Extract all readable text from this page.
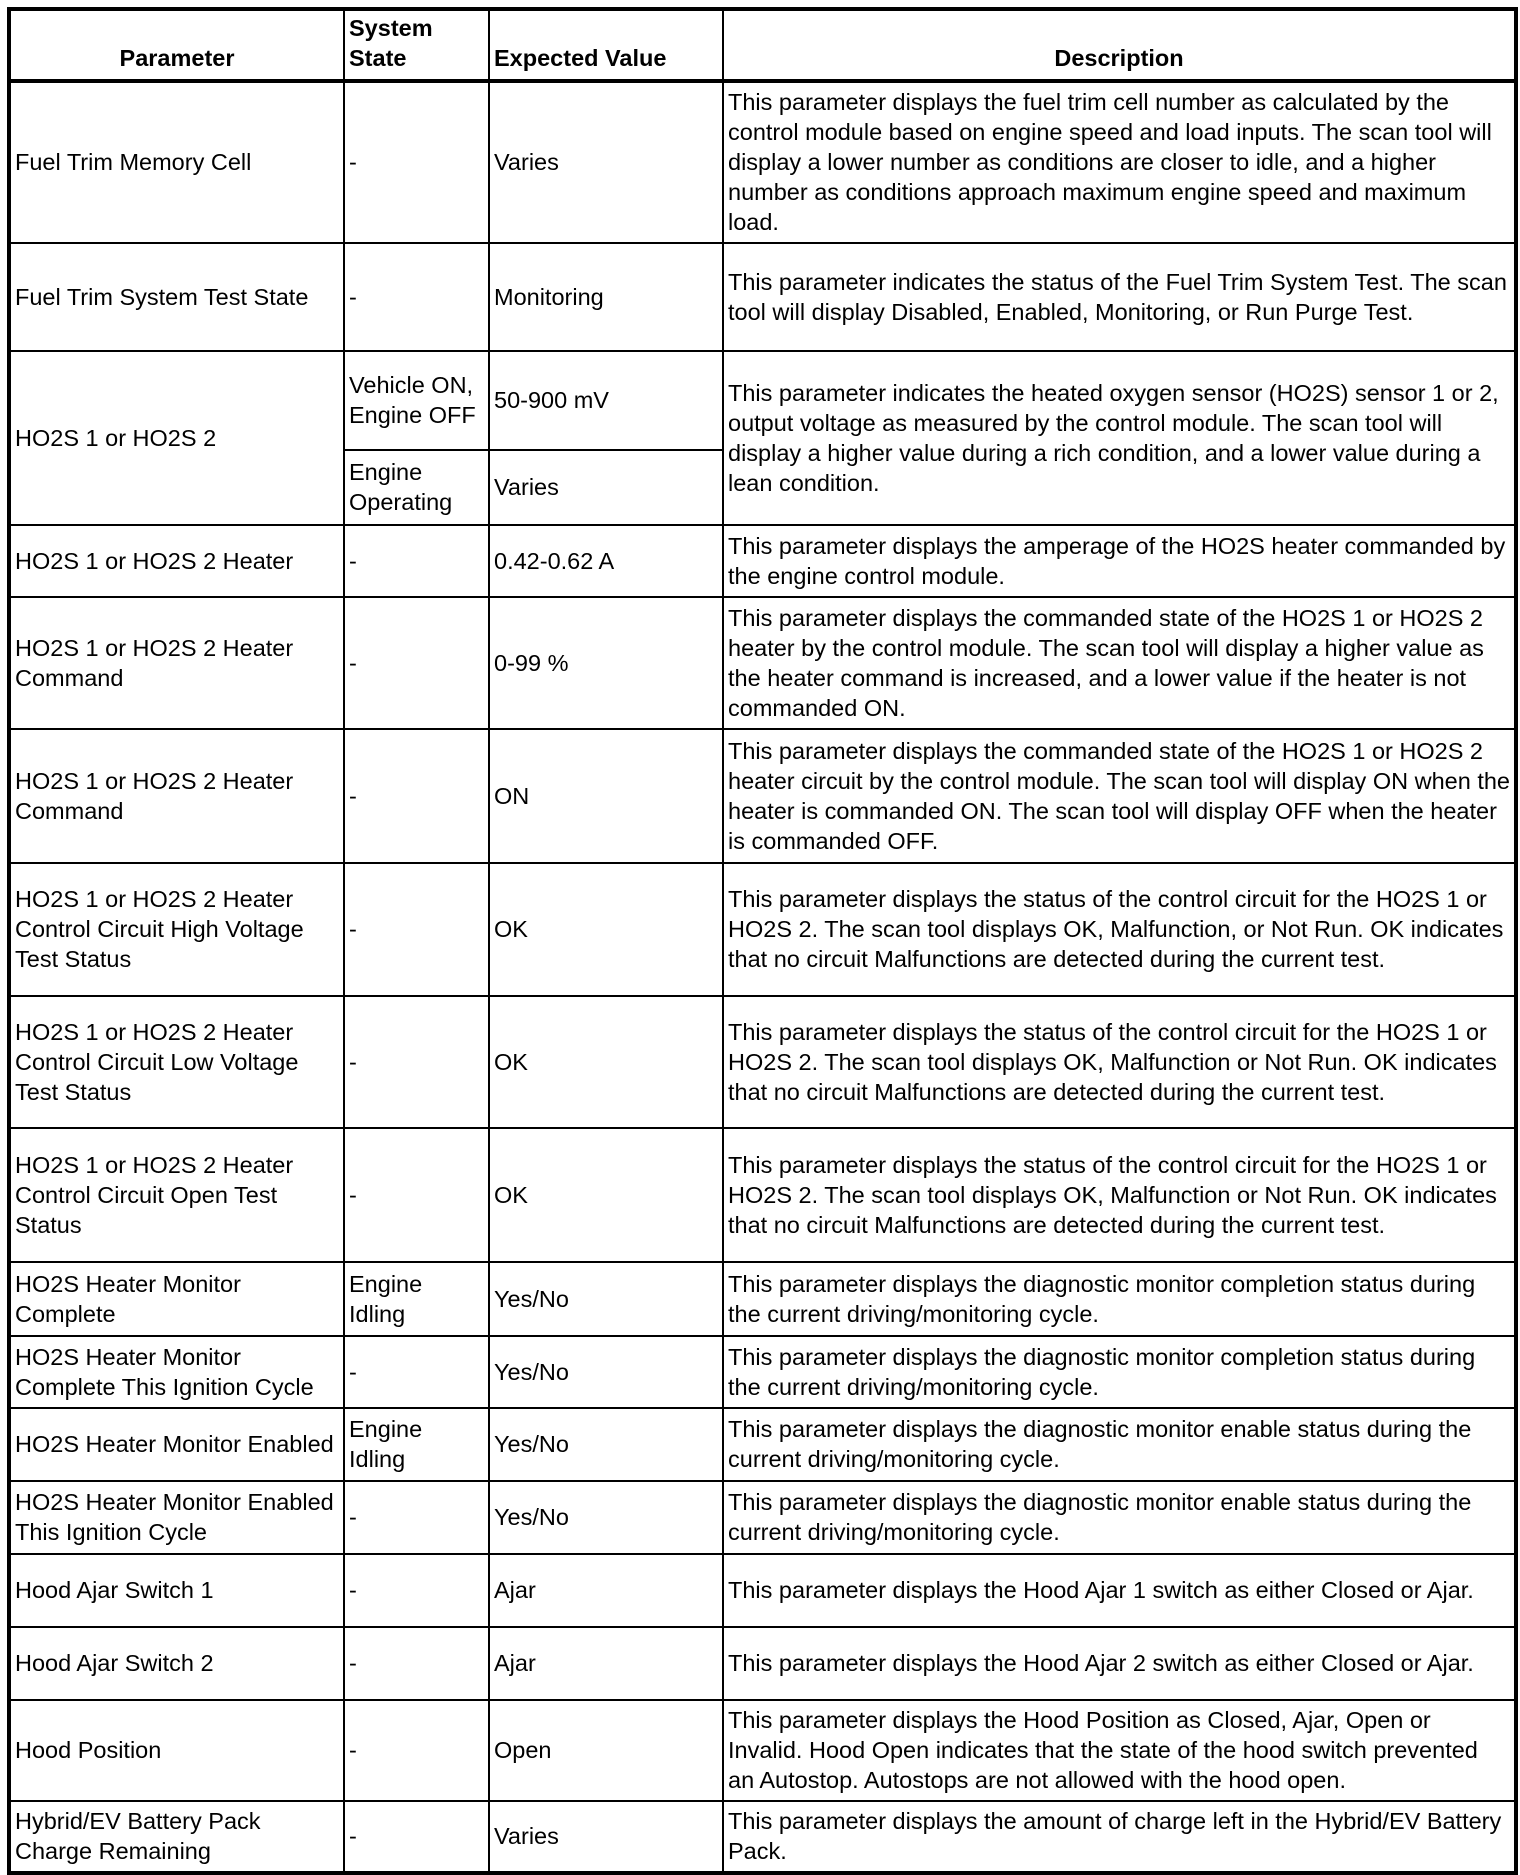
Parameter	System State	Expected Value	Description
Fuel Trim Memory Cell	-	Varies	This parameter displays the fuel trim cell number as calculated by the control module based on engine speed and load inputs. The scan tool will display a lower number as conditions are closer to idle, and a higher number as conditions approach maximum engine speed and maximum load.
Fuel Trim System Test State	-	Monitoring	This parameter indicates the status of the Fuel Trim System Test. The scan tool will display Disabled, Enabled, Monitoring, or Run Purge Test.
HO2S 1 or HO2S 2	Vehicle ON, Engine OFF	50-900 mV	This parameter indicates the heated oxygen sensor (HO2S) sensor 1 or 2, output voltage as measured by the control module. The scan tool will display a higher value during a rich condition, and a lower value during a lean condition.
	Engine Operating	Varies	
HO2S 1 or HO2S 2 Heater	-	0.42-0.62 A	This parameter displays the amperage of the HO2S heater commanded by the engine control module.
HO2S 1 or HO2S 2 Heater Command	-	0-99 %	This parameter displays the commanded state of the HO2S 1 or HO2S 2 heater by the control module. The scan tool will display a higher value as the heater command is increased, and a lower value if the heater is not commanded ON.
HO2S 1 or HO2S 2 Heater Command	-	ON	This parameter displays the commanded state of the HO2S 1 or HO2S 2 heater circuit by the control module. The scan tool will display ON when the heater is commanded ON. The scan tool will display OFF when the heater is commanded OFF.
HO2S 1 or HO2S 2 Heater Control Circuit High Voltage Test Status	-	OK	This parameter displays the status of the control circuit for the HO2S 1 or HO2S 2. The scan tool displays OK, Malfunction, or Not Run. OK indicates that no circuit Malfunctions are detected during the current test.
HO2S 1 or HO2S 2 Heater Control Circuit Low Voltage Test Status	-	OK	This parameter displays the status of the control circuit for the HO2S 1 or HO2S 2. The scan tool displays OK, Malfunction or Not Run. OK indicates that no circuit Malfunctions are detected during the current test.
HO2S 1 or HO2S 2 Heater Control Circuit Open Test Status	-	OK	This parameter displays the status of the control circuit for the HO2S 1 or HO2S 2. The scan tool displays OK, Malfunction or Not Run. OK indicates that no circuit Malfunctions are detected during the current test.
HO2S Heater Monitor Complete	Engine Idling	Yes/No	This parameter displays the diagnostic monitor completion status during the current driving/monitoring cycle.
HO2S Heater Monitor Complete This Ignition Cycle	-	Yes/No	This parameter displays the diagnostic monitor completion status during the current driving/monitoring cycle.
HO2S Heater Monitor Enabled	Engine Idling	Yes/No	This parameter displays the diagnostic monitor enable status during the current driving/monitoring cycle.
HO2S Heater Monitor Enabled This Ignition Cycle	-	Yes/No	This parameter displays the diagnostic monitor enable status during the current driving/monitoring cycle.
Hood Ajar Switch 1	-	Ajar	This parameter displays the Hood Ajar 1 switch as either Closed or Ajar.
Hood Ajar Switch 2	-	Ajar	This parameter displays the Hood Ajar 2 switch as either Closed or Ajar.
Hood Position	-	Open	This parameter displays the Hood Position as Closed, Ajar, Open or Invalid. Hood Open indicates that the state of the hood switch prevented an Autostop. Autostops are not allowed with the hood open.
Hybrid/EV Battery Pack Charge Remaining	-	Varies	This parameter displays the amount of charge left in the Hybrid/EV Battery Pack.
